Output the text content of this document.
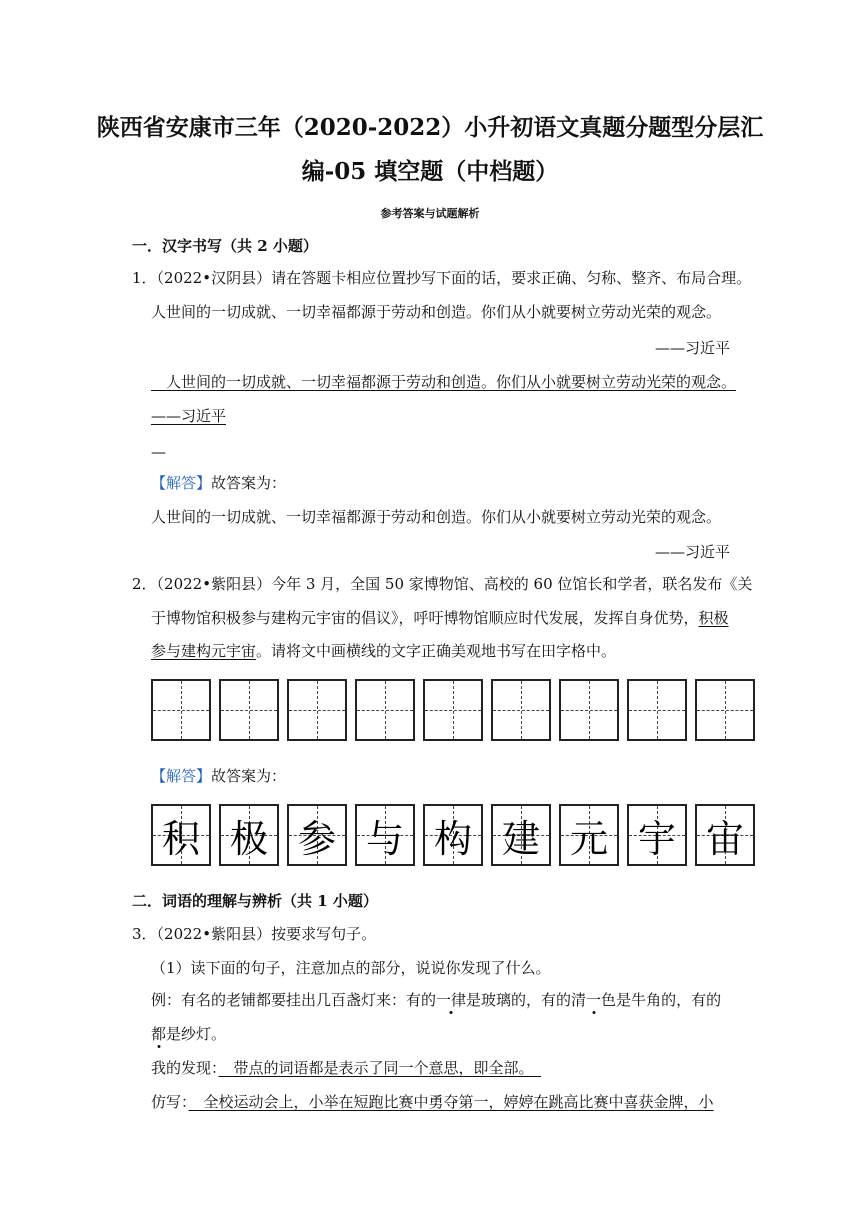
陕西省安康市三年（2020-2022）小升初语文真题分题型分层汇
编-05 填空题（中档题）
参考答案与试题解析
一．汉字书写（共 2 小题）
1．（2022•汉阴县）请在答题卡相应位置抄写下面的话，要求正确、匀称、整齐、布局合理。
人世间的一切成就、一切幸福都源于劳动和创造。你们从小就要树立劳动光荣的观念。
——习近平
　人世间的一切成就、一切幸福都源于劳动和创造。你们从小就要树立劳动光荣的观念。
——习近平
—
【解答】故答案为：
人世间的一切成就、一切幸福都源于劳动和创造。你们从小就要树立劳动光荣的观念。
——习近平
2．（2022•紫阳县）今年 3 月，全国 50 家博物馆、高校的 60 位馆长和学者，联名发布《关
于博物馆积极参与建构元宇宙的倡议》，呼吁博物馆顺应时代发展，发挥自身优势，积极
参与建构元宇宙。请将文中画横线的文字正确美观地书写在田字格中。
【解答】故答案为：
积 极 参 与 构 建 元 宇 宙
二．词语的理解与辨析（共 1 小题）
3．（2022•紫阳县）按要求写句子。
（1）读下面的句子，注意加点的部分，说说你发现了什么。
例：有名的老铺都要挂出几百盏灯来：有的一律是玻璃的，有的清一色是牛角的，有的
都是纱灯。
我的发现：　带点的词语都是表示了同一个意思，即全部。　
仿写：　全校运动会上，小举在短跑比赛中勇夺第一，婷婷在跳高比赛中喜获金牌，小
